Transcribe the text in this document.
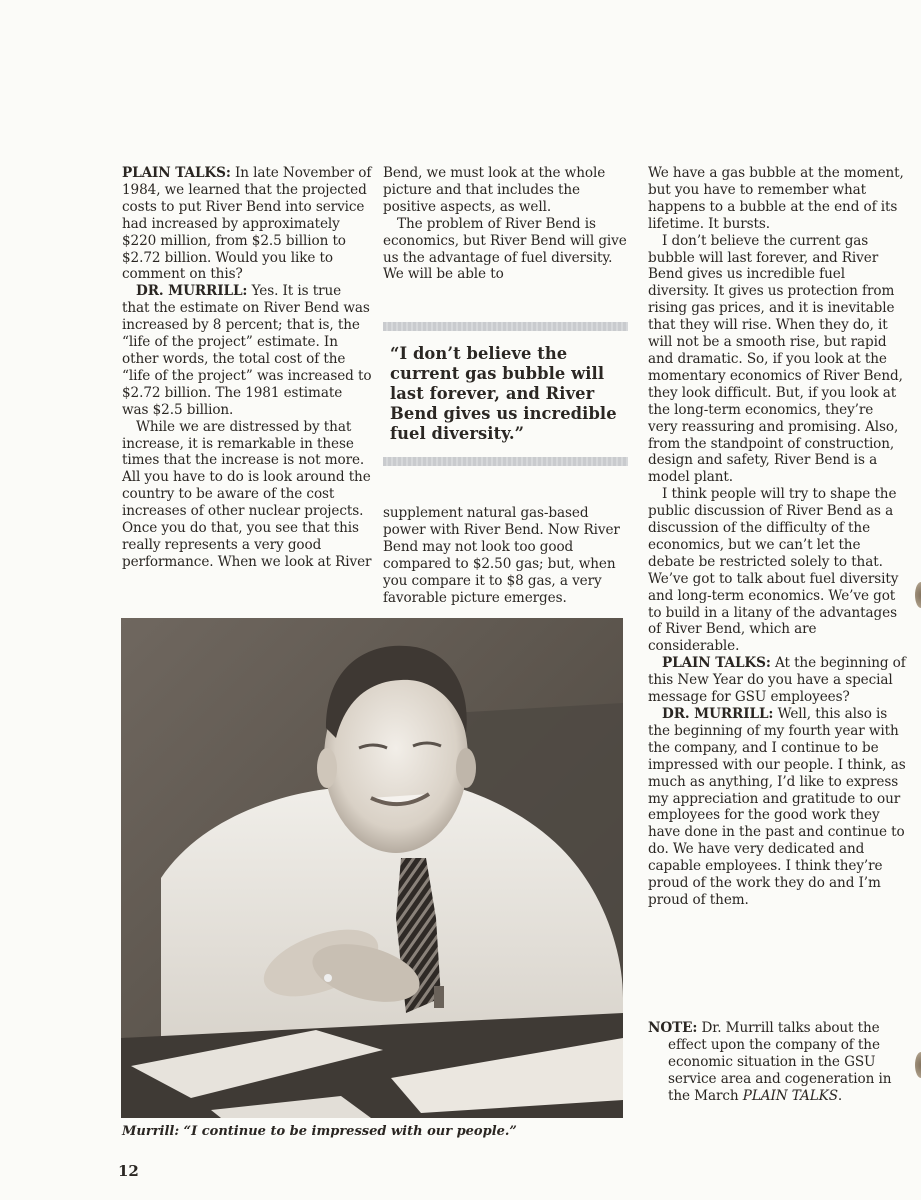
PLAIN TALKS: In late November of 1984, we learned that the projected costs to put River Bend into service had increased by approximately $220 million, from $2.5 billion to $2.72 billion. Would you like to comment on this?

DR. MURRILL: Yes. It is true that the estimate on River Bend was increased by 8 percent; that is, the “life of the project” estimate. In other words, the total cost of the “life of the project” was increased to $2.72 billion. The 1981 estimate was $2.5 billion.

While we are distressed by that increase, it is remarkable in these times that the increase is not more. All you have to do is look around the country to be aware of the cost increases of other nuclear projects. Once you do that, you see that this really represents a very good performance. When we look at River

Bend, we must look at the whole picture and that includes the positive aspects, as well.

The problem of River Bend is economics, but River Bend will give us the advantage of fuel diversity. We will be able to

“I don’t believe the current gas bubble will last forever, and River Bend gives us incredible fuel diversity.”

supplement natural gas-based power with River Bend. Now River Bend may not look too good compared to $2.50 gas; but, when you compare it to $8 gas, a very favorable picture emerges.

We have a gas bubble at the moment, but you have to remember what happens to a bubble at the end of its lifetime. It bursts.

I don’t believe the current gas bubble will last forever, and River Bend gives us incredible fuel diversity. It gives us protection from rising gas prices, and it is inevitable that they will rise. When they do, it will not be a smooth rise, but rapid and dramatic. So, if you look at the momentary economics of River Bend, they look difficult. But, if you look at the long-term economics, they’re very reassuring and promising. Also, from the standpoint of construction, design and safety, River Bend is a model plant.

I think people will try to shape the public discussion of River Bend as a discussion of the difficulty of the economics, but we can’t let the debate be restricted solely to that. We’ve got to talk about fuel diversity and long-term economics. We’ve got to build in a litany of the advantages of River Bend, which are considerable.

PLAIN TALKS: At the beginning of this New Year do you have a special message for GSU employees?

DR. MURRILL: Well, this also is the beginning of my fourth year with the company, and I continue to be impressed with our people. I think, as much as anything, I’d like to express my appreciation and gratitude to our employees for the good work they have done in the past and continue to do. We have very dedicated and capable employees. I think they’re proud of the work they do and I’m proud of them.

NOTE: Dr. Murrill talks about the effect upon the company of the economic situation in the GSU service area and cogeneration in the March PLAIN TALKS.

Murrill: “I continue to be impressed with our people.”
12
